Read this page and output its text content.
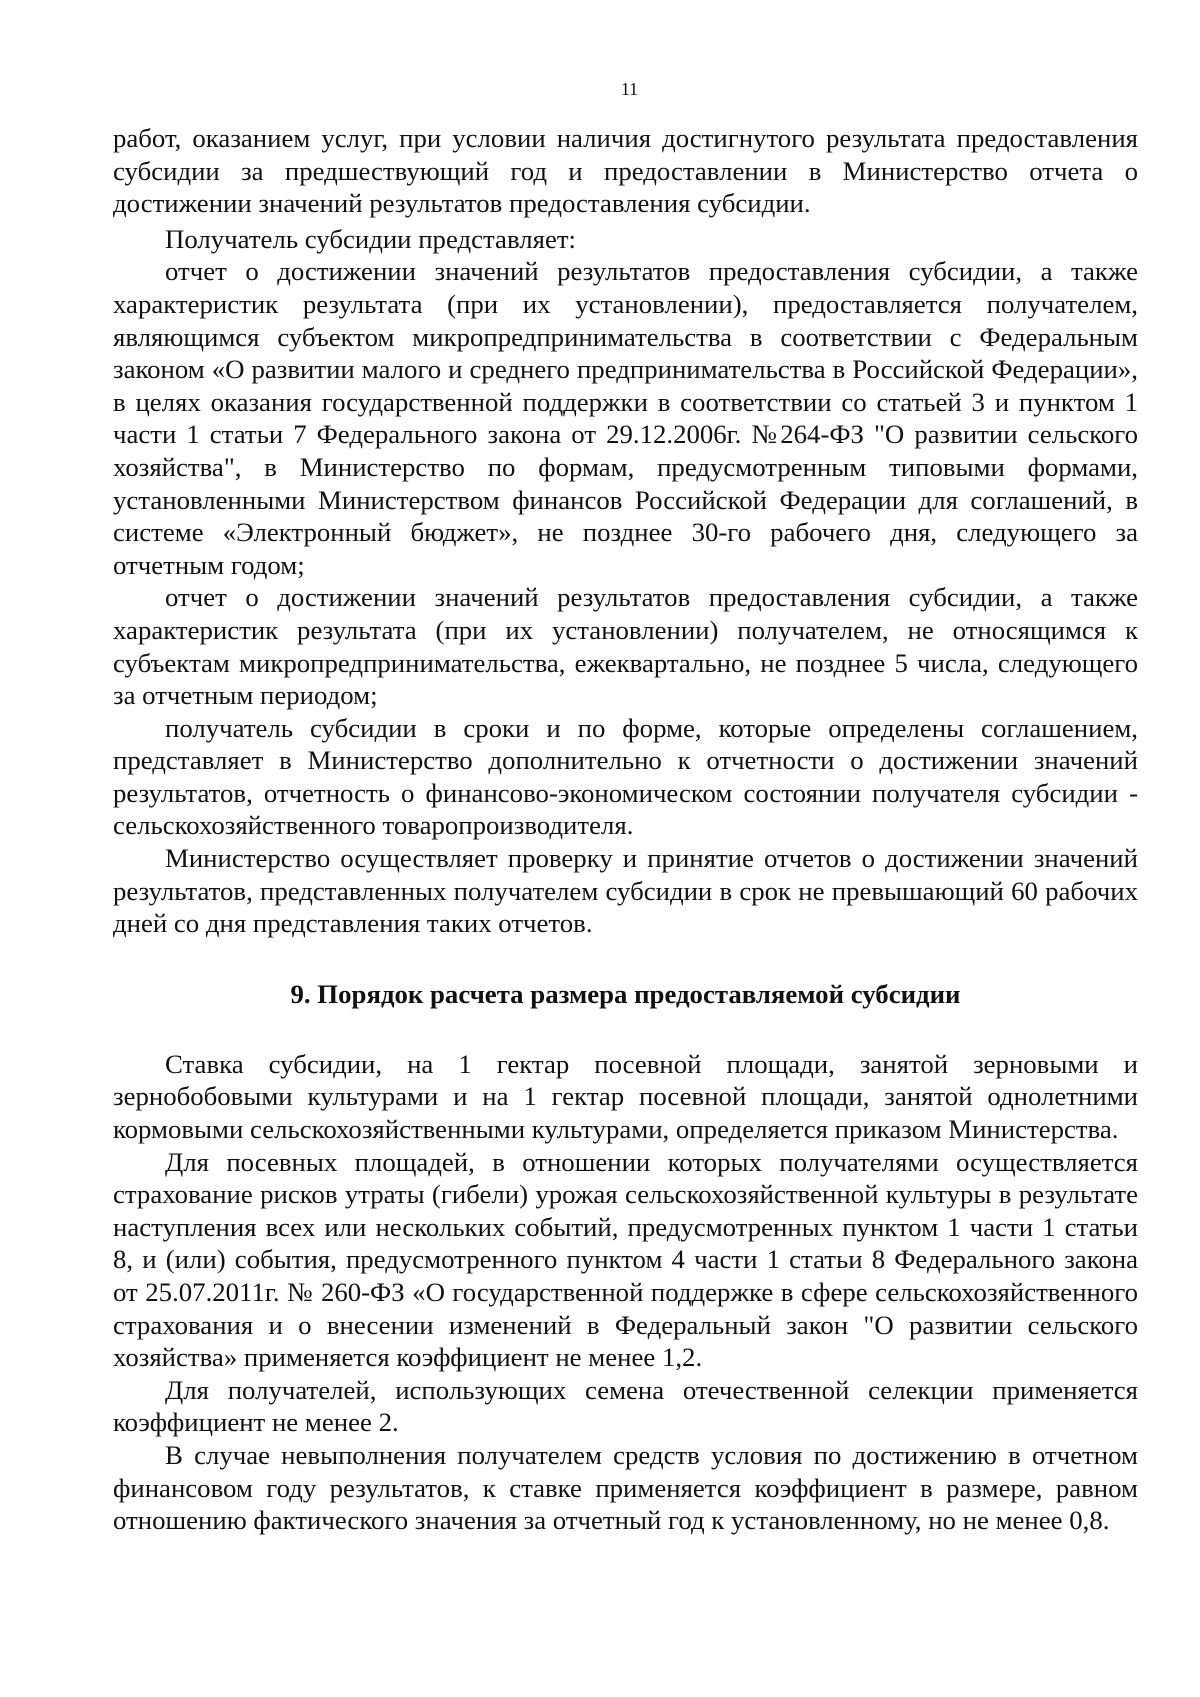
11

работ, оказанием услуг, при условии наличия достигнутого результата предоставления субсидии за предшествующий год и предоставлении в Министерство отчета о достижении значений результатов предоставления субсидии.

Получатель субсидии представляет:

отчет о достижении значений результатов предоставления субсидии, а также характеристик результата (при их установлении), предоставляется получателем, являющимся субъектом микропредпринимательства в соответствии с Федеральным законом «О развитии малого и среднего предпринимательства в Российской Федерации», в целях оказания государственной поддержки в соответствии со статьей 3 и пунктом 1 части 1 статьи 7 Федерального закона от 29.12.2006г. №264-ФЗ "О развитии сельского хозяйства", в Министерство по формам, предусмотренным типовыми формами, установленными Министерством финансов Российской Федерации для соглашений, в системе «Электронный бюджет», не позднее 30-го рабочего дня, следующего за отчетным годом;

отчет о достижении значений результатов предоставления субсидии, а также характеристик результата (при их установлении) получателем, не относящимся к субъектам микропредпринимательства, ежеквартально, не позднее 5 числа, следующего за отчетным периодом;

получатель субсидии в сроки и по форме, которые определены соглашением, представляет в Министерство дополнительно к отчетности о достижении значений результатов, отчетность о финансово-экономическом состоянии получателя субсидии - сельскохозяйственного товаропроизводителя.

Министерство осуществляет проверку и принятие отчетов о достижении значений результатов, представленных получателем субсидии в срок не превышающий 60 рабочих дней со дня представления таких отчетов.

9. Порядок расчета размера предоставляемой субсидии

Ставка субсидии, на 1 гектар посевной площади, занятой зерновыми и зернобобовыми культурами и на 1 гектар посевной площади, занятой однолетними кормовыми сельскохозяйственными культурами, определяется приказом Министерства.

Для посевных площадей, в отношении которых получателями осуществляется страхование рисков утраты (гибели) урожая сельскохозяйственной культуры в результате наступления всех или нескольких событий, предусмотренных пунктом 1 части 1 статьи 8, и (или) события, предусмотренного пунктом 4 части 1 статьи 8 Федерального закона от 25.07.2011г. № 260-ФЗ «О государственной поддержке в сфере сельскохозяйственного страхования и о внесении изменений в Федеральный закон "О развитии сельского хозяйства» применяется коэффициент не менее 1,2.

Для получателей, использующих семена отечественной селекции применяется коэффициент не менее 2.

В случае невыполнения получателем средств условия по достижению в отчетном финансовом году результатов, к ставке применяется коэффициент в размере, равном отношению фактического значения за отчетный год к установленному, но не менее 0,8.
